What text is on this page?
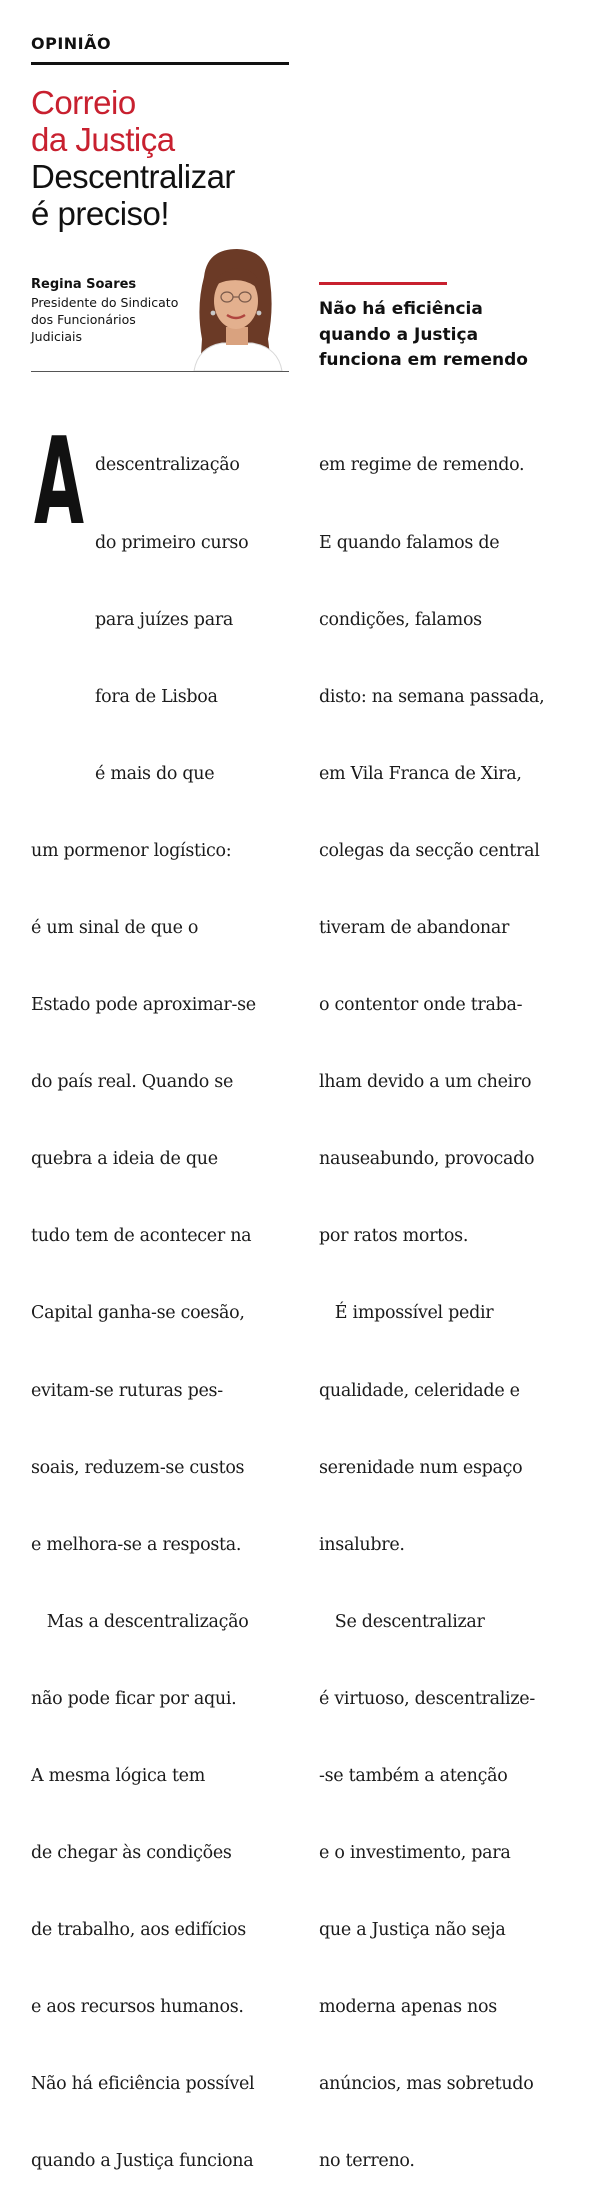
OPINIÃO
Correio
da Justiça
Descentralizar
é preciso!
Regina Soares
Presidente do Sindicato
dos Funcionários
Judiciais
Não há eficiência
quando a Justiça
funciona em remendo
A

descentralização

do primeiro curso

para juízes para

fora de Lisboa

é mais do que

um pormenor logístico:

é um sinal de que o

Estado pode aproximar-se

do país real. Quando se

quebra a ideia de que

tudo tem de acontecer na

Capital ganha-se coesão,

evitam-se ruturas pes-

soais, reduzem-se custos

e melhora-se a resposta.

Mas a descentralização

não pode ficar por aqui.

A mesma lógica tem

de chegar às condições

de trabalho, aos edifícios

e aos recursos humanos.

Não há eficiência possível

quando a Justiça funciona

em regime de remendo.

E quando falamos de

condições, falamos

disto: na semana passada,

em Vila Franca de Xira,

colegas da secção central

tiveram de abandonar

o contentor onde traba-

lham devido a um cheiro

nauseabundo, provocado

por ratos mortos.

É impossível pedir

qualidade, celeridade e

serenidade num espaço

insalubre.

Se descentralizar

é virtuoso, descentralize-

-se também a atenção

e o investimento, para

que a Justiça não seja

moderna apenas nos

anúncios, mas sobretudo

no terreno.
